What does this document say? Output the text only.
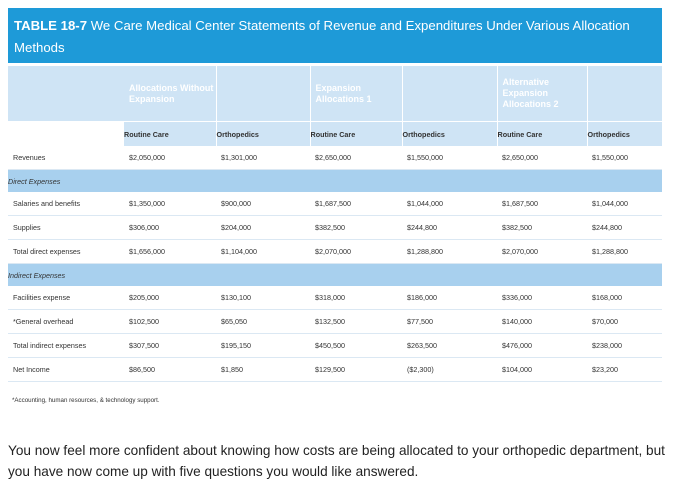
TABLE 18-7 We Care Medical Center Statements of Revenue and Expenditures Under Various Allocation Methods
	Allocations Without Expansion		Expansion Allocations 1		Alternative Expansion Allocations 2	
	Routine Care	Orthopedics	Routine Care	Orthopedics	Routine Care	Orthopedics
Revenues	$2,050,000	$1,301,000	$2,650,000	$1,550,000	$2,650,000	$1,550,000
Direct Expenses						
Salaries and benefits	$1,350,000	$900,000	$1,687,500	$1,044,000	$1,687,500	$1,044,000
Supplies	$306,000	$204,000	$382,500	$244,800	$382,500	$244,800
Total direct expenses	$1,656,000	$1,104,000	$2,070,000	$1,288,800	$2,070,000	$1,288,800
Indirect Expenses						
Facilities expense	$205,000	$130,100	$318,000	$186,000	$336,000	$168,000
*General overhead	$102,500	$65,050	$132,500	$77,500	$140,000	$70,000
Total indirect expenses	$307,500	$195,150	$450,500	$263,500	$476,000	$238,000
Net Income	$86,500	$1,850	$129,500	($2,300)	$104,000	$23,200
*Accounting, human resources, & technology support.
You now feel more confident about knowing how costs are being allocated to your orthopedic department, but you have now come up with five questions you would like answered.
